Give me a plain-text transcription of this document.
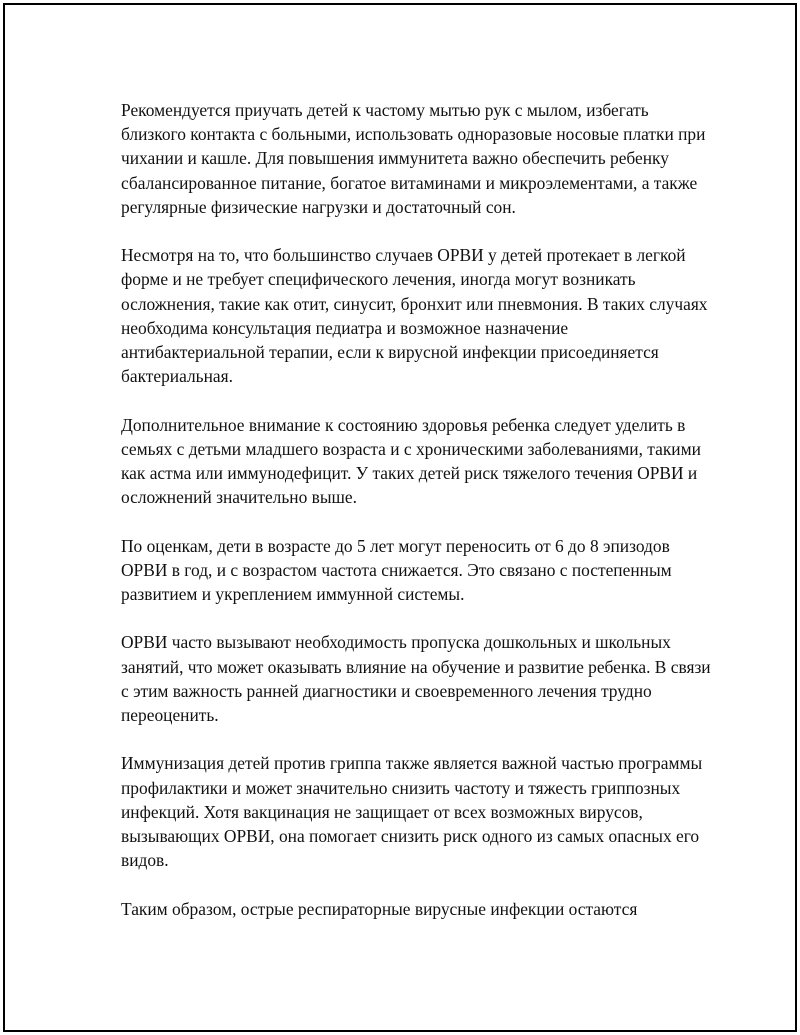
Рекомендуется приучать детей к частому мытью рук с мылом, избегать близкого контакта с больными, использовать одноразовые носовые платки при чихании и кашле. Для повышения иммунитета важно обеспечить ребенку сбалансированное питание, богатое витаминами и микроэлементами, а также регулярные физические нагрузки и достаточный сон.

Несмотря на то, что большинство случаев ОРВИ у детей протекает в легкой форме и не требует специфического лечения, иногда могут возникать осложнения, такие как отит, синусит, бронхит или пневмония. В таких случаях необходима консультация педиатра и возможное назначение антибактериальной терапии, если к вирусной инфекции присоединяется бактериальная.

Дополнительное внимание к состоянию здоровья ребенка следует уделить в семьях с детьми младшего возраста и с хроническими заболеваниями, такими как астма или иммунодефицит. У таких детей риск тяжелого течения ОРВИ и осложнений значительно выше.

По оценкам, дети в возрасте до 5 лет могут переносить от 6 до 8 эпизодов ОРВИ в год, и с возрастом частота снижается. Это связано с постепенным развитием и укреплением иммунной системы.

ОРВИ часто вызывают необходимость пропуска дошкольных и школьных занятий, что может оказывать влияние на обучение и развитие ребенка. В связи с этим важность ранней диагностики и своевременного лечения трудно переоценить.

Иммунизация детей против гриппа также является важной частью программы профилактики и может значительно снизить частоту и тяжесть гриппозных инфекций. Хотя вакцинация не защищает от всех возможных вирусов, вызывающих ОРВИ, она помогает снизить риск одного из самых опасных его видов.

Таким образом, острые респираторные вирусные инфекции остаются
